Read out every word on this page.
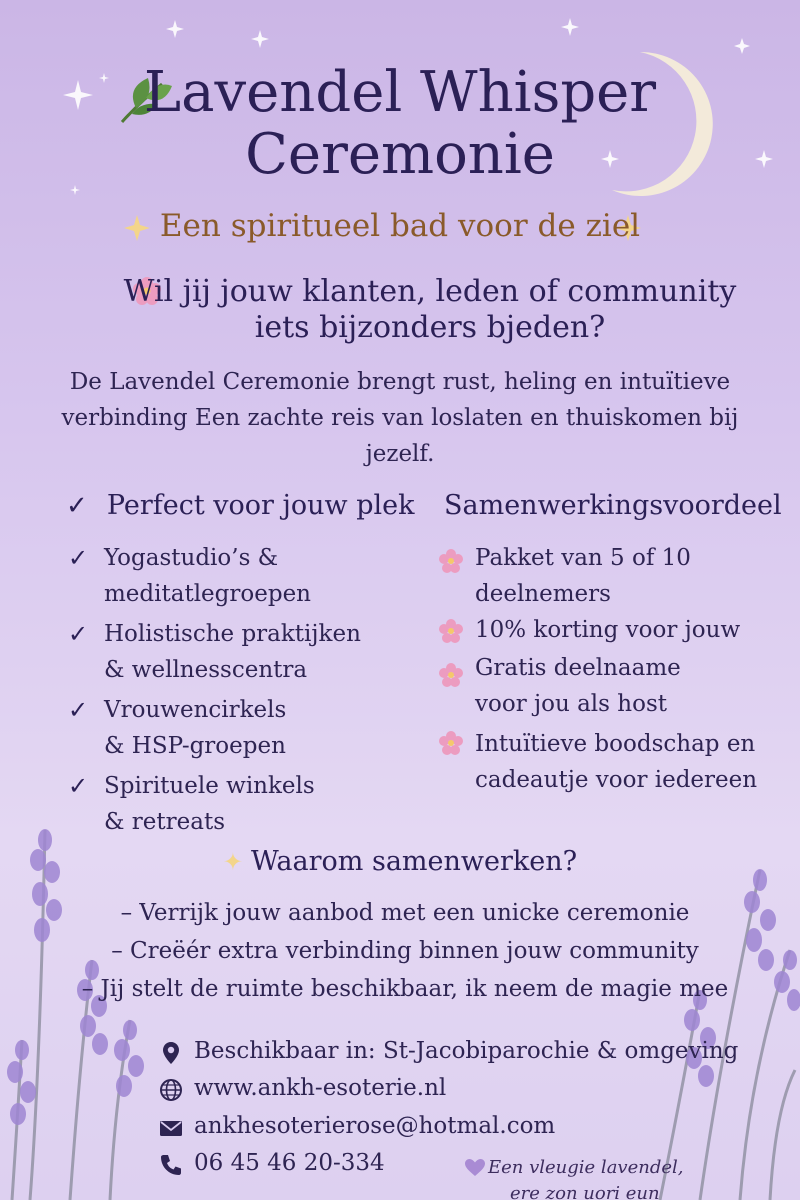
Lavendel Whisper
Ceremonie
Een spiritueel bad voor de ziel
Wil jij jouw klanten, leden of community
iets bijzonders bjeden?
De Lavendel Ceremonie brengt rust, heling en intuïtieve
verbinding Een zachte reis van loslaten en thuiskomen bij
jezelf.
✓ Perfect voor jouw plek
✓ Yogastudio’s &
meditatlegroepen
✓ Holistische praktijken
& wellnesscentra
✓ Vrouwencirkels
& HSP-groepen
✓ Spirituele winkels
& retreats
Samenwerkingsvoordeel
Pakket van 5 of 10
deelnemers
10% korting voor jouw
Gratis deelnaame
voor jou als host
Intuïtieve boodschap en
cadeautje voor iedereen
✦ Waarom samenwerken?
– Verrijk jouw aanbod met een unicke ceremonie
– Creëér extra verbinding binnen jouw community
– Jij stelt de ruimte beschikbaar, ik neem de magie mee
Beschikbaar in: St-Jacobiparochie & omgeving
www.ankh-esoterie.nl
ankhesoterierose@hotmal.com
06 45 46 20-334	Een vleugie lavendel,
ere zon uori eun
